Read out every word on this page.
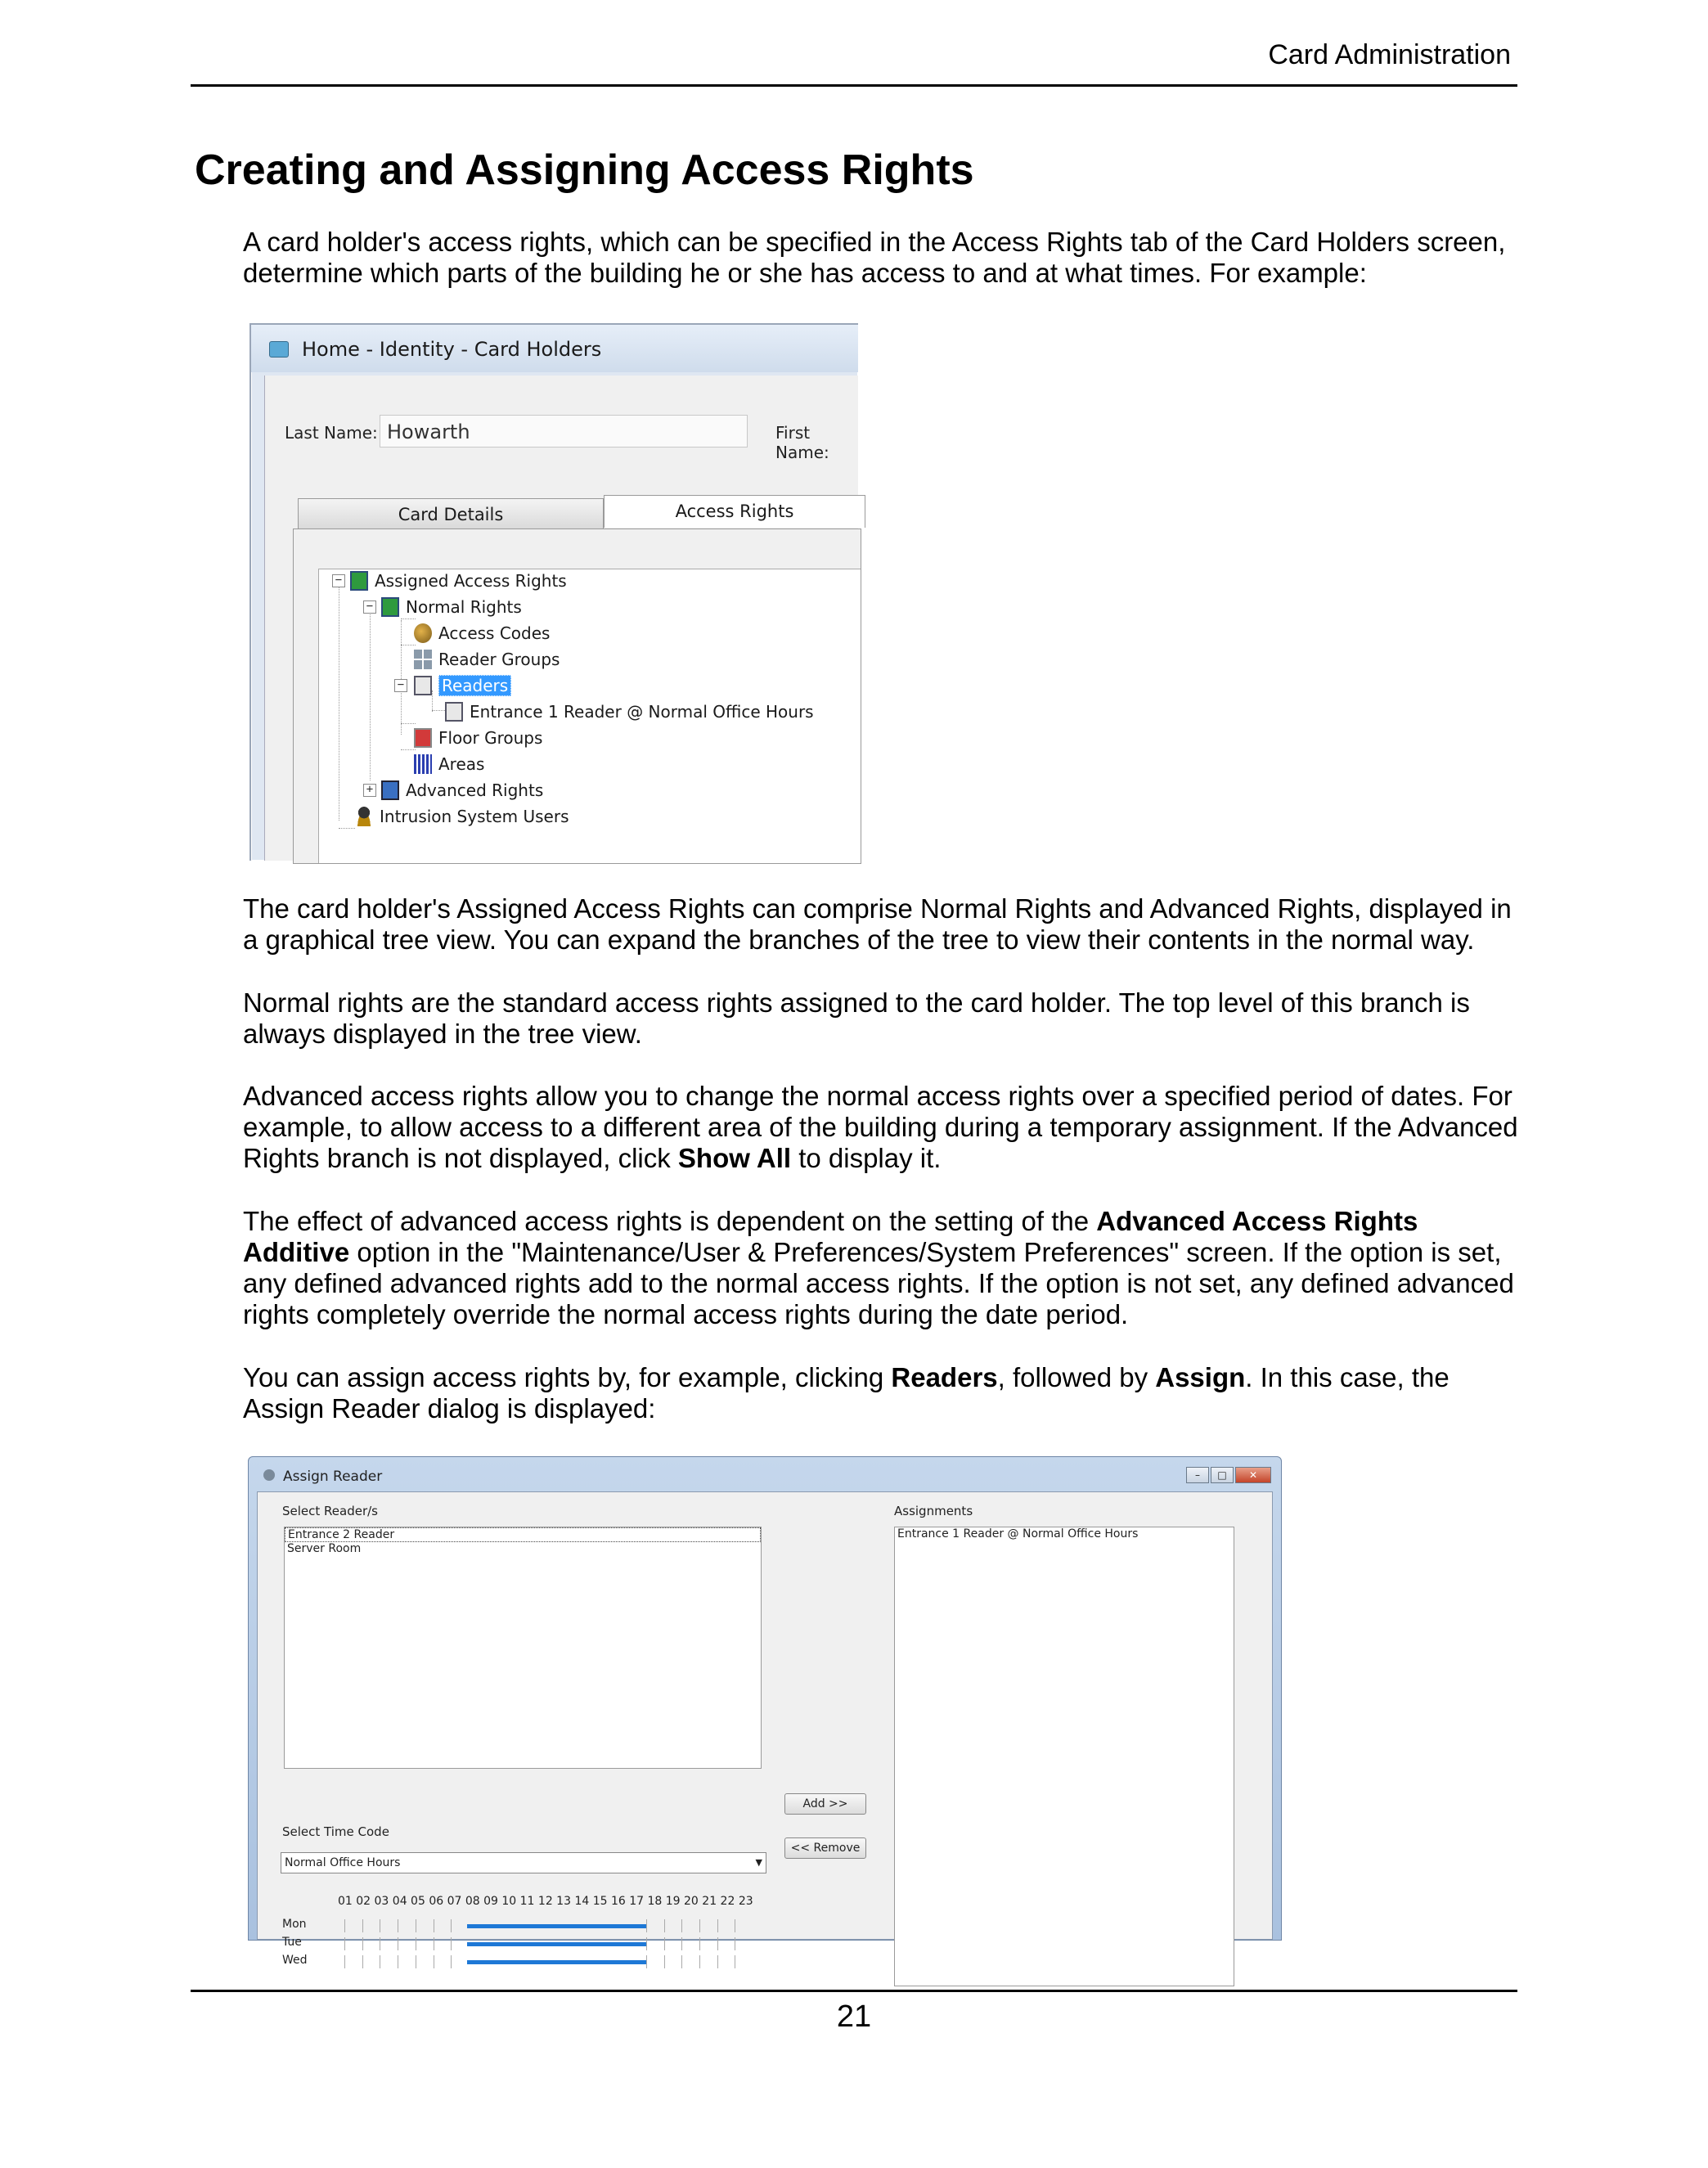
Card Administration
Creating and Assigning Access Rights

A card holder's access rights, which can be specified in the Access Rights tab of the Card Holders screen, determine which parts of the building he or she has access to and at what times. For example:

Home - Identity - Card Holders
Last Name: Howarth	First Name:
Card Details	Access Rights
− Assigned Access Rights
− Normal Rights
Access Codes
Reader Groups
− Readers
Entrance 1 Reader @ Normal Office Hours
Floor Groups
Areas
+ Advanced Rights
Intrusion System Users

The card holder's Assigned Access Rights can comprise Normal Rights and Advanced Rights, displayed in a graphical tree view. You can expand the branches of the tree to view their contents in the normal way.

Normal rights are the standard access rights assigned to the card holder. The top level of this branch is always displayed in the tree view.

Advanced access rights allow you to change the normal access rights over a specified period of dates. For example, to allow access to a different area of the building during a temporary assignment. If the Advanced Rights branch is not displayed, click Show All to display it.

The effect of advanced access rights is dependent on the setting of the Advanced Access Rights Additive option in the "Maintenance/User & Preferences/System Preferences" screen. If the option is set, any defined advanced rights add to the normal access rights. If the option is not set, any defined advanced rights completely override the normal access rights during the date period.

You can assign access rights by, for example, clicking Readers, followed by Assign. In this case, the Assign Reader dialog is displayed:

Assign Reader	–	□	✕
Select Reader/s
Entrance 2 Reader
Server Room
Assignments
Entrance 1 Reader @ Normal Office Hours
Add >>
<< Remove
Select Time Code
Normal Office Hours	▼
01 02 03 04 05 06 07 08 09 10 11 12 13 14 15 16 17 18 19 20 21 22 23
Mon
Tue
Wed
21
